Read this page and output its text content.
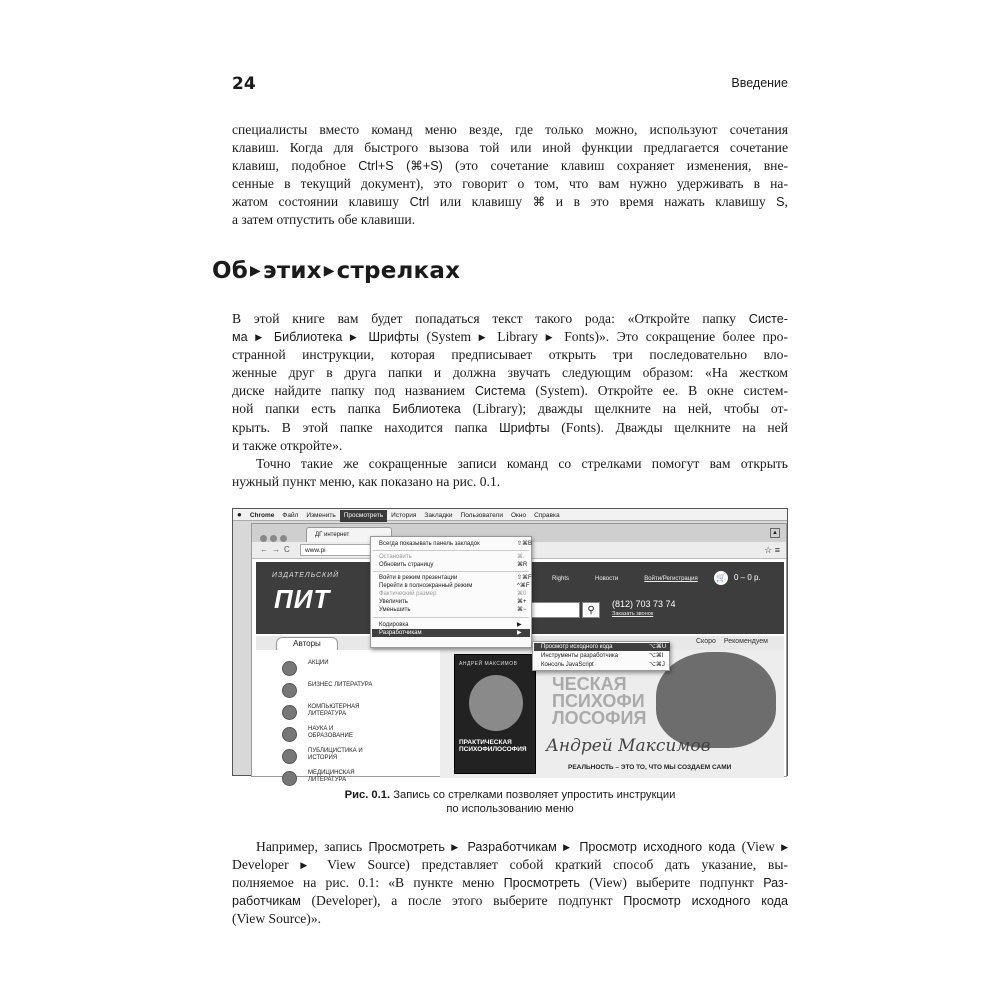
24	Введение
специалисты вместо команд меню везде, где только можно, используют сочетания
клавиш. Когда для быстрого вызова той или иной функции предлагается сочетание
клавиш, подобное Ctrl+S (⌘+S) (это сочетание клавиш сохраняет изменения, вне-
сенные в текущий документ), это говорит о том, что вам нужно удерживать в на-
жатом состоянии клавишу Ctrl или клавишу ⌘ и в это время нажать клавишу S,
а затем отпустить обе клавиши.
Об ▶этих ▶стрелках
В этой книге вам будет попадаться текст такого рода: «Откройте папку Систе-
ма ▶ Библиотека ▶ Шрифты (System ▶ Library ▶ Fonts)». Это сокращение более про-
странной инструкции, которая предписывает открыть три последовательно вло-
женные друг в друга папки и должна звучать следующим образом: «На жестком
диске найдите папку под названием Система (System). Откройте ее. В окне систем-
ной папки есть папка Библиотека (Library); дважды щелкните на ней, чтобы от-
крыть. В этой папке находится папка Шрифты (Fonts). Дважды щелкните на ней
и также откройте».
Точно такие же сокращенные записи команд со стрелками помогут вам открыть
нужный пункт меню, как показано на рис. 0.1.
● Chrome Файл Изменить Просмотреть История Закладки Пользователи Окно Справка
ДГ интернет	▲
←→C	www.pi	☆ ≡
ИЗДАТЕЛЬСКИЙ
ПИТ
Rights	Новости	Войти/Регистрация	🛒 0 – 0 р.
⚲
(812) 703 73 74
Заказать звонок
Авторы	Скоро Рекомендуем
АКЦИИ
БИЗНЕС ЛИТЕРАТУРА
КОМПЬЮТЕРНАЯ
ЛИТЕРАТУРА
НАУКА И
ОБРАЗОВАНИЕ
ПУБЛИЦИСТИКА И
ИСТОРИЯ
МЕДИЦИНСКАЯ
ЛИТЕРАТУРА
АНДРЕЙ МАКСИМОВ
ПРАКТИЧЕСКАЯ
ПСИХОФИЛОСОФИЯ
ЧЕСКАЯ
ПСИХОФИ
ЛОСОФИЯ
Андрей Максимов
РЕАЛЬНОСТЬ – ЭТО ТО, ЧТО МЫ СОЗДАЕМ САМИ
Всегда показывать панель закладок	⇧⌘B
Остановить	⌘.
Обновить страницу	⌘R
Войти в режим презентации	⇧⌘F
Перейти в полноэкранный режим	^⌘F
Фактический размер	⌘0
Увеличить	⌘+
Уменьшить	⌘−
Кодировка	▶
Разработчикам	▶
Просмотр исходного кода	⌥⌘U
Инструменты разработчика	⌥⌘I
Консоль JavaScript	⌥⌘J
Рис. 0.1. Запись со стрелками позволяет упростить инструкции
по использованию меню
Например, запись Просмотреть ▶ Разработчикам ▶ Просмотр исходного кода (View ▶
Developer ▶ View Source) представляет собой краткий способ дать указание, вы-
полняемое на рис. 0.1: «В пункте меню Просмотреть (View) выберите подпункт Раз-
работчикам (Developer), а после этого выберите подпункт Просмотр исходного кода
(View Source)».
